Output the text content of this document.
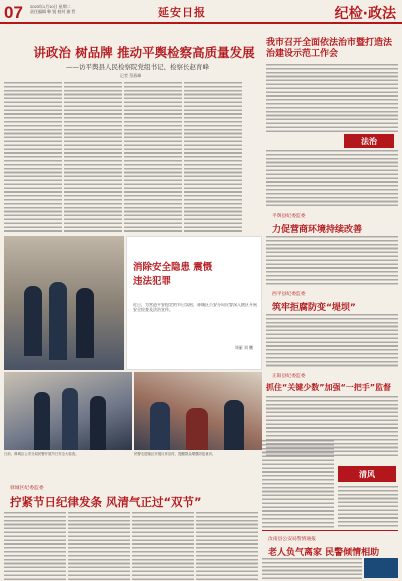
07 2023年1月10日 星期二
责任编辑 韩 锐 校对 曲 哲	延安日报	纪检·政法
讲政治 树品牌 推动平舆检察高质量发展
——访平舆县人民检察院党组书记、检察长赵育峰
记者 蔡燕峰
我市召开全面依法治市暨打造法治建设示范工作会
法治
平舆县纪委监委
力促营商环境持续改善
西平县纪委监委
筑牢拒腐防变“堤坝”
正阳县纪委监委
抓住“关键少数”加强“一把手”监督
清风
汝南县公安局警情通报
老人负气离家 民警倾情相助
消除安全隐患 震慑违法犯罪
近日，为营造平安稳定的节日氛围，驿城区公安分局民警深入辖区开展安全检查及法治宣传。
刘丽 刘 鹏
日前，驿城区公安分局民警开展节日安全大检查。	民警走进辖区开展反诈宣传，提醒群众增强防范意识。
驿城区纪委监委
拧紧节日纪律发条 风清气正过“双节”
